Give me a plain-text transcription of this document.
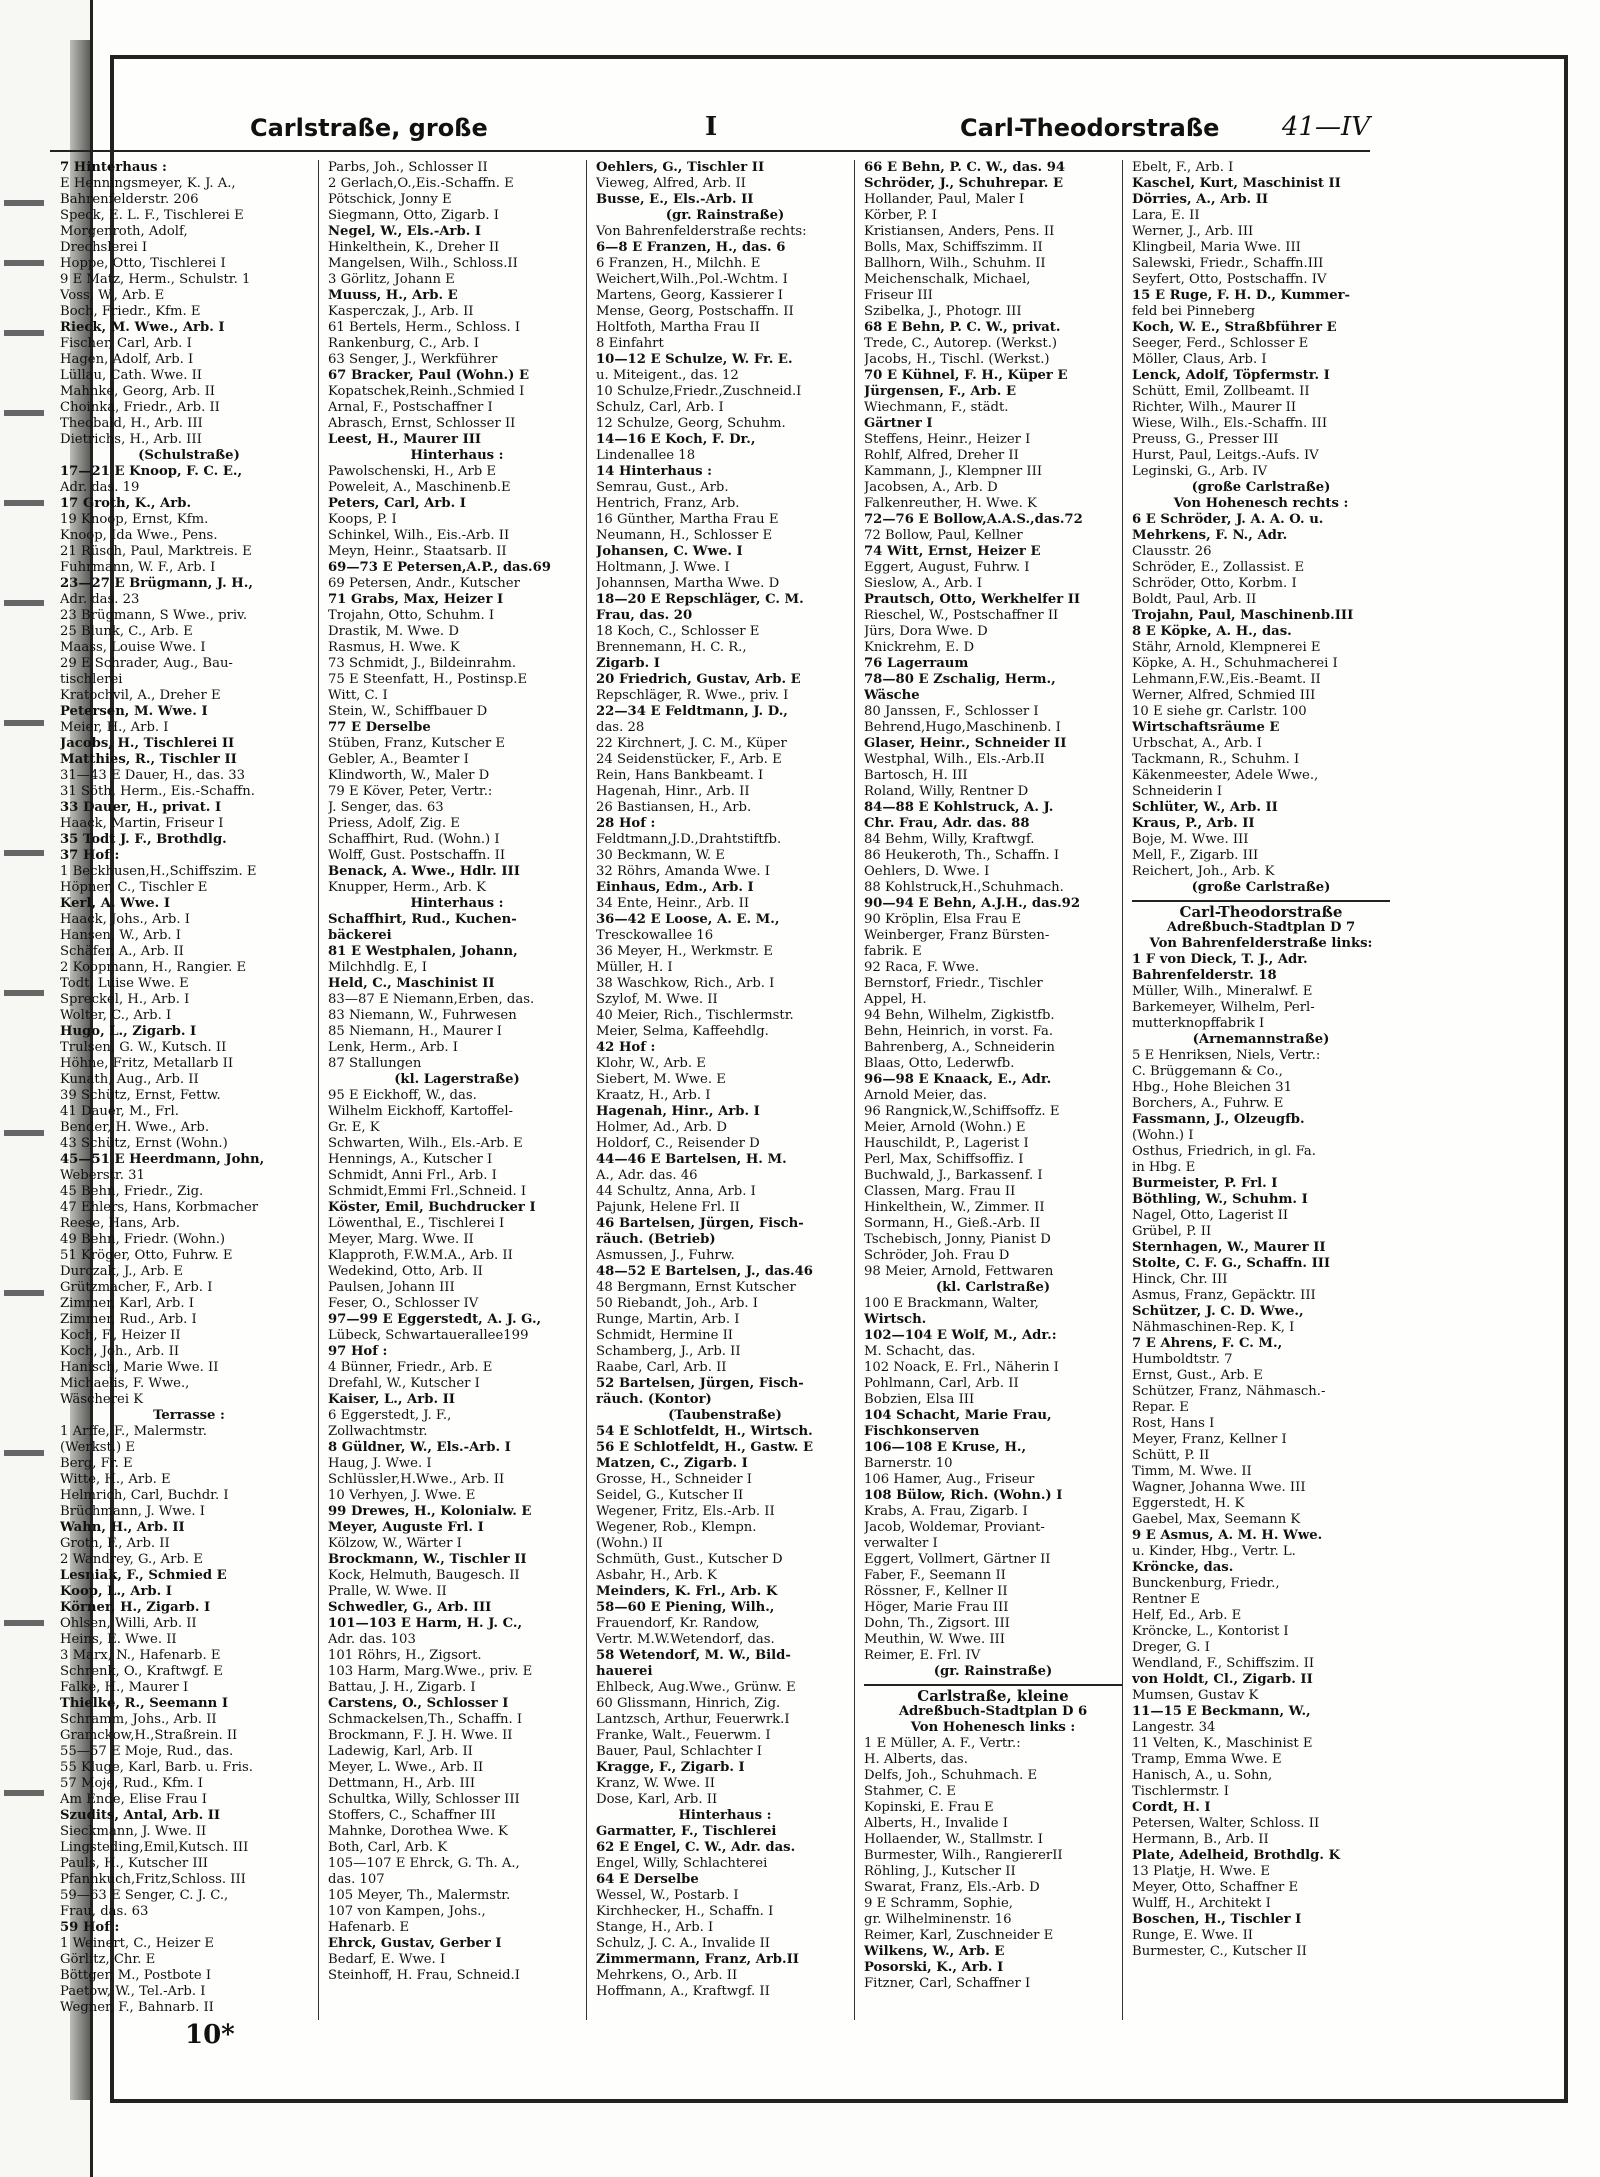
Carlstraße, große	I	Carl-Theodorstraße 41—IV
7 Hinterhaus :
E Henningsmeyer, K. J. A.,
Bahrenfelderstr. 206
Speck, E. L. F., Tischlerei E
Morgenroth, Adolf,
Drechslerei I
Hoppe, Otto, Tischlerei I
9 E Matz, Herm., Schulstr. 1
Voss, W., Arb. E
Boch, Friedr., Kfm. E
Rieck, M. Wwe., Arb. I
Fischer, Carl, Arb. I
Hagen, Adolf, Arb. I
Lüllau, Cath. Wwe. II
Mahnke, Georg, Arb. II
Choinka, Friedr., Arb. II
Theobald, H., Arb. III
Dietrichs, H., Arb. III
(Schulstraße)
17—21 E Knoop, F. C. E.,
Adr. das. 19
17 Groth, K., Arb.
19 Knoop, Ernst, Kfm.
Knoop, Ida Wwe., Pens.
21 Rüsch, Paul, Marktreis. E
Fuhrmann, W. F., Arb. I
23—27 E Brügmann, J. H.,
Adr. das. 23
23 Brügmann, S Wwe., priv.
25 Blunk, C., Arb. E
Maass, Louise Wwe. I
29 E Schrader, Aug., Bau-
tischlerei
Kratochvil, A., Dreher E
Petersen, M. Wwe. I
Meier, H., Arb. I
Jacobs, H., Tischlerei II
Matthies, R., Tischler II
31—43 E Dauer, H., das. 33
31 Söth, Herm., Eis.-Schaffn.
33 Dauer, H., privat. I
Haack, Martin, Friseur I
35 Todt J. F., Brothdlg.
37 Hof :
1 Beckhusen,H.,Schiffszim. E
Höpner, C., Tischler E
Kerl, A. Wwe. I
Haack, Johs., Arb. I
Hansen, W., Arb. I
Schäfer, A., Arb. II
2 Koopmann, H., Rangier. E
Todt, Luise Wwe. E
Spreckel, H., Arb. I
Wolter, C., Arb. I
Hugo, L., Zigarb. I
Trulsen, G. W., Kutsch. II
Höhne, Fritz, Metallarb II
Kunath, Aug., Arb. II
39 Schütz, Ernst, Fettw.
41 Dauer, M., Frl.
Bender, H. Wwe., Arb.
43 Schütz, Ernst (Wohn.)
45—51 E Heerdmann, John,
Weberstr. 31
45 Behn, Friedr., Zig.
47 Ehlers, Hans, Korbmacher
Reese, Hans, Arb.
49 Behn, Friedr. (Wohn.)
51 Kröger, Otto, Fuhrw. E
Durczak, J., Arb. E
Grützmacher, F., Arb. I
Zimmer, Karl, Arb. I
Zimmer, Rud., Arb. I
Koch, F., Heizer II
Koch, Joh., Arb. II
Hanisch, Marie Wwe. II
Michaelis, F. Wwe.,
Wäscherei K
Terrasse :
1 Arffe, F., Malermstr.
(Werkst.) E
Berg, Fr. E
Witte, H., Arb. E
Helmrich, Carl, Buchdr. I
Brüchmann, J. Wwe. I
Wahn, H., Arb. II
Groth, F., Arb. II
2 Wandrey, G., Arb. E
Lesniak, F., Schmied E
Koop, L., Arb. I
Körner, H., Zigarb. I
Ohlsen, Willi, Arb. II
Heins, E. Wwe. II
3 Marx, N., Hafenarb. E
Schrenk, O., Kraftwgf. E
Falke, H., Maurer I
Thielke, R., Seemann I
Schramm, Johs., Arb. II
Gramckow,H.,Straßrein. II
55—57 E Moje, Rud., das.
55 Kluge, Karl, Barb. u. Fris.
57 Moje, Rud., Kfm. I
Am Ende, Elise Frau I
Szudits, Antal, Arb. II
Sieckmann, J. Wwe. II
Lingsteding,Emil,Kutsch. III
Pauls, H., Kutscher III
Pfannkuch,Fritz,Schloss. III
59—63 E Senger, C. J. C.,
Frau, das. 63
59 Hof :
1 Weinert, C., Heizer E
Görlitz, Chr. E
Böttger, M., Postbote I
Paetow, W., Tel.-Arb. I
Wegner, F., Bahnarb. II
Parbs, Joh., Schlosser II
2 Gerlach,O.,Eis.-Schaffn. E
Pötschick, Jonny E
Siegmann, Otto, Zigarb. I
Negel, W., Els.-Arb. I
Hinkelthein, K., Dreher II
Mangelsen, Wilh., Schloss.II
3 Görlitz, Johann E
Muuss, H., Arb. E
Kasperczak, J., Arb. II
61 Bertels, Herm., Schloss. I
Rankenburg, C., Arb. I
63 Senger, J., Werkführer
67 Bracker, Paul (Wohn.) E
Kopatschek,Reinh.,Schmied I
Arnal, F., Postschaffner I
Abrasch, Ernst, Schlosser II
Leest, H., Maurer III
Hinterhaus :
Pawolschenski, H., Arb E
Poweleit, A., Maschinenb.E
Peters, Carl, Arb. I
Koops, P. I
Schinkel, Wilh., Eis.-Arb. II
Meyn, Heinr., Staatsarb. II
69—73 E Petersen,A.P., das.69
69 Petersen, Andr., Kutscher
71 Grabs, Max, Heizer I
Trojahn, Otto, Schuhm. I
Drastik, M. Wwe. D
Rasmus, H. Wwe. K
73 Schmidt, J., Bildeinrahm.
75 E Steenfatt, H., Postinsp.E
Witt, C. I
Stein, W., Schiffbauer D
77 E Derselbe
Stüben, Franz, Kutscher E
Gebler, A., Beamter I
Klindworth, W., Maler D
79 E Köver, Peter, Vertr.:
J. Senger, das. 63
Priess, Adolf, Zig. E
Schaffhirt, Rud. (Wohn.) I
Wolff, Gust. Postschaffn. II
Benack, A. Wwe., Hdlr. III
Knupper, Herm., Arb. K
Hinterhaus :
Schaffhirt, Rud., Kuchen-
bäckerei
81 E Westphalen, Johann,
Milchhdlg. E, I
Held, C., Maschinist II
83—87 E Niemann,Erben, das.
83 Niemann, W., Fuhrwesen
85 Niemann, H., Maurer I
Lenk, Herm., Arb. I
87 Stallungen
(kl. Lagerstraße)
95 E Eickhoff, W., das.
Wilhelm Eickhoff, Kartoffel-
Gr. E, K
Schwarten, Wilh., Els.-Arb. E
Hennings, A., Kutscher I
Schmidt, Anni Frl., Arb. I
Schmidt,Emmi Frl.,Schneid. I
Köster, Emil, Buchdrucker I
Löwenthal, E., Tischlerei I
Meyer, Marg. Wwe. II
Klapproth, F.W.M.A., Arb. II
Wedekind, Otto, Arb. II
Paulsen, Johann III
Feser, O., Schlosser IV
97—99 E Eggerstedt, A. J. G.,
Lübeck, Schwartauerallee199
97 Hof :
4 Bünner, Friedr., Arb. E
Drefahl, W., Kutscher I
Kaiser, L., Arb. II
6 Eggerstedt, J. F.,
Zollwachtmstr.
8 Güldner, W., Els.-Arb. I
Haug, J. Wwe. I
Schlüssler,H.Wwe., Arb. II
10 Verhyen, J. Wwe. E
99 Drewes, H., Kolonialw. E
Meyer, Auguste Frl. I
Kölzow, W., Wärter I
Brockmann, W., Tischler II
Kock, Helmuth, Baugesch. II
Pralle, W. Wwe. II
Schwedler, G., Arb. III
101—103 E Harm, H. J. C.,
Adr. das. 103
101 Röhrs, H., Zigsort.
103 Harm, Marg.Wwe., priv. E
Battau, J. H., Zigarb. I
Carstens, O., Schlosser I
Schmackelsen,Th., Schaffn. I
Brockmann, F. J. H. Wwe. II
Ladewig, Karl, Arb. II
Meyer, L. Wwe., Arb. II
Dettmann, H., Arb. III
Schultka, Willy, Schlosser III
Stoffers, C., Schaffner III
Mahnke, Dorothea Wwe. K
Both, Carl, Arb. K
105—107 E Ehrck, G. Th. A.,
das. 107
105 Meyer, Th., Malermstr.
107 von Kampen, Johs.,
Hafenarb. E
Ehrck, Gustav, Gerber I
Bedarf, E. Wwe. I
Steinhoff, H. Frau, Schneid.I
Oehlers, G., Tischler II
Vieweg, Alfred, Arb. II
Busse, E., Els.-Arb. II
(gr. Rainstraße)
Von Bahrenfelderstraße rechts:
6—8 E Franzen, H., das. 6
6 Franzen, H., Milchh. E
Weichert,Wilh.,Pol.-Wchtm. I
Martens, Georg, Kassierer I
Mense, Georg, Postschaffn. II
Holtfoth, Martha Frau II
8 Einfahrt
10—12 E Schulze, W. Fr. E.
u. Miteigent., das. 12
10 Schulze,Friedr.,Zuschneid.I
Schulz, Carl, Arb. I
12 Schulze, Georg, Schuhm.
14—16 E Koch, F. Dr.,
Lindenallee 18
14 Hinterhaus :
Semrau, Gust., Arb.
Hentrich, Franz, Arb.
16 Günther, Martha Frau E
Neumann, H., Schlosser E
Johansen, C. Wwe. I
Holtmann, J. Wwe. I
Johannsen, Martha Wwe. D
18—20 E Repschläger, C. M.
Frau, das. 20
18 Koch, C., Schlosser E
Brennemann, H. C. R.,
Zigarb. I
20 Friedrich, Gustav, Arb. E
Repschläger, R. Wwe., priv. I
22—34 E Feldtmann, J. D.,
das. 28
22 Kirchnert, J. C. M., Küper
24 Seidenstücker, F., Arb. E
Rein, Hans Bankbeamt. I
Hagenah, Hinr., Arb. II
26 Bastiansen, H., Arb.
28 Hof :
Feldtmann,J.D.,Drahtstiftfb.
30 Beckmann, W. E
32 Röhrs, Amanda Wwe. I
Einhaus, Edm., Arb. I
34 Ente, Heinr., Arb. II
36—42 E Loose, A. E. M.,
Tresckowallee 16
36 Meyer, H., Werkmstr. E
Müller, H. I
38 Waschkow, Rich., Arb. I
Szylof, M. Wwe. II
40 Meier, Rich., Tischlermstr.
Meier, Selma, Kaffeehdlg.
42 Hof :
Klohr, W., Arb. E
Siebert, M. Wwe. E
Kraatz, H., Arb. I
Hagenah, Hinr., Arb. I
Holmer, Ad., Arb. D
Holdorf, C., Reisender D
44—46 E Bartelsen, H. M.
A., Adr. das. 46
44 Schultz, Anna, Arb. I
Pajunk, Helene Frl. II
46 Bartelsen, Jürgen, Fisch-
räuch. (Betrieb)
Asmussen, J., Fuhrw.
48—52 E Bartelsen, J., das.46
48 Bergmann, Ernst Kutscher
50 Riebandt, Joh., Arb. I
Runge, Martin, Arb. I
Schmidt, Hermine II
Schamberg, J., Arb. II
Raabe, Carl, Arb. II
52 Bartelsen, Jürgen, Fisch-
räuch. (Kontor)
(Taubenstraße)
54 E Schlotfeldt, H., Wirtsch.
56 E Schlotfeldt, H., Gastw. E
Matzen, C., Zigarb. I
Grosse, H., Schneider I
Seidel, G., Kutscher II
Wegener, Fritz, Els.-Arb. II
Wegener, Rob., Klempn.
(Wohn.) II
Schmüth, Gust., Kutscher D
Asbahr, H., Arb. K
Meinders, K. Frl., Arb. K
58—60 E Piening, Wilh.,
Frauendorf, Kr. Randow,
Vertr. M.W.Wetendorf, das.
58 Wetendorf, M. W., Bild-
hauerei
Ehlbeck, Aug.Wwe., Grünw. E
60 Glissmann, Hinrich, Zig.
Lantzsch, Arthur, Feuerwrk.I
Franke, Walt., Feuerwm. I
Bauer, Paul, Schlachter I
Kragge, F., Zigarb. I
Kranz, W. Wwe. II
Dose, Karl, Arb. II
Hinterhaus :
Garmatter, F., Tischlerei
62 E Engel, C. W., Adr. das.
Engel, Willy, Schlachterei
64 E Derselbe
Wessel, W., Postarb. I
Kirchhecker, H., Schaffn. I
Stange, H., Arb. I
Schulz, J. C. A., Invalide II
Zimmermann, Franz, Arb.II
Mehrkens, O., Arb. II
Hoffmann, A., Kraftwgf. II
66 E Behn, P. C. W., das. 94
Schröder, J., Schuhrepar. E
Hollander, Paul, Maler I
Körber, P. I
Kristiansen, Anders, Pens. II
Bolls, Max, Schiffszimm. II
Ballhorn, Wilh., Schuhm. II
Meichenschalk, Michael,
Friseur III
Szibelka, J., Photogr. III
68 E Behn, P. C. W., privat.
Trede, C., Autorep. (Werkst.)
Jacobs, H., Tischl. (Werkst.)
70 E Kühnel, F. H., Küper E
Jürgensen, F., Arb. E
Wiechmann, F., städt.
Gärtner I
Steffens, Heinr., Heizer I
Rohlf, Alfred, Dreher II
Kammann, J., Klempner III
Jacobsen, A., Arb. D
Falkenreuther, H. Wwe. K
72—76 E Bollow,A.A.S.,das.72
72 Bollow, Paul, Kellner
74 Witt, Ernst, Heizer E
Eggert, August, Fuhrw. I
Sieslow, A., Arb. I
Prautsch, Otto, Werkhelfer II
Rieschel, W., Postschaffner II
Jürs, Dora Wwe. D
Knickrehm, E. D
76 Lagerraum
78—80 E Zschalig, Herm.,
Wäsche
80 Janssen, F., Schlosser I
Behrend,Hugo,Maschinenb. I
Glaser, Heinr., Schneider II
Westphal, Wilh., Els.-Arb.II
Bartosch, H. III
Roland, Willy, Rentner D
84—88 E Kohlstruck, A. J.
Chr. Frau, Adr. das. 88
84 Behm, Willy, Kraftwgf.
86 Heukeroth, Th., Schaffn. I
Oehlers, D. Wwe. I
88 Kohlstruck,H.,Schuhmach.
90—94 E Behn, A.J.H., das.92
90 Kröplin, Elsa Frau E
Weinberger, Franz Bürsten-
fabrik. E
92 Raca, F. Wwe.
Bernstorf, Friedr., Tischler
Appel, H.
94 Behn, Wilhelm, Zigkistfb.
Behn, Heinrich, in vorst. Fa.
Bahrenberg, A., Schneiderin
Blaas, Otto, Lederwfb.
96—98 E Knaack, E., Adr.
Arnold Meier, das.
96 Rangnick,W.,Schiffsoffz. E
Meier, Arnold (Wohn.) E
Hauschildt, P., Lagerist I
Perl, Max, Schiffsoffiz. I
Buchwald, J., Barkassenf. I
Classen, Marg. Frau II
Hinkelthein, W., Zimmer. II
Sormann, H., Gieß.-Arb. II
Tschebisch, Jonny, Pianist D
Schröder, Joh. Frau D
98 Meier, Arnold, Fettwaren
(kl. Carlstraße)
100 E Brackmann, Walter,
Wirtsch.
102—104 E Wolf, M., Adr.:
M. Schacht, das.
102 Noack, E. Frl., Näherin I
Pohlmann, Carl, Arb. II
Bobzien, Elsa III
104 Schacht, Marie Frau,
Fischkonserven
106—108 E Kruse, H.,
Barnerstr. 10
106 Hamer, Aug., Friseur
108 Bülow, Rich. (Wohn.) I
Krabs, A. Frau, Zigarb. I
Jacob, Woldemar, Proviant-
verwalter I
Eggert, Vollmert, Gärtner II
Faber, F., Seemann II
Rössner, F., Kellner II
Höger, Marie Frau III
Dohn, Th., Zigsort. III
Meuthin, W. Wwe. III
Reimer, E. Frl. IV
(gr. Rainstraße)
Carlstraße, kleine
Adreßbuch-Stadtplan D 6
Von Hohenesch links :
1 E Müller, A. F., Vertr.:
H. Alberts, das.
Delfs, Joh., Schuhmach. E
Stahmer, C. E
Kopinski, E. Frau E
Alberts, H., Invalide I
Hollaender, W., Stallmstr. I
Burmester, Wilh., RangiererII
Röhling, J., Kutscher II
Swarat, Franz, Els.-Arb. D
9 E Schramm, Sophie,
gr. Wilhelminenstr. 16
Reimer, Karl, Zuschneider E
Wilkens, W., Arb. E
Posorski, K., Arb. I
Fitzner, Carl, Schaffner I
Ebelt, F., Arb. I
Kaschel, Kurt, Maschinist II
Dörries, A., Arb. II
Lara, E. II
Werner, J., Arb. III
Klingbeil, Maria Wwe. III
Salewski, Friedr., Schaffn.III
Seyfert, Otto, Postschaffn. IV
15 E Ruge, F. H. D., Kummer-
feld bei Pinneberg
Koch, W. E., Straßbführer E
Seeger, Ferd., Schlosser E
Möller, Claus, Arb. I
Lenck, Adolf, Töpfermstr. I
Schütt, Emil, Zollbeamt. II
Richter, Wilh., Maurer II
Wiese, Wilh., Els.-Schaffn. III
Preuss, G., Presser III
Hurst, Paul, Leitgs.-Aufs. IV
Leginski, G., Arb. IV
(große Carlstraße)
Von Hohenesch rechts :
6 E Schröder, J. A. A. O. u.
Mehrkens, F. N., Adr.
Claus​str. 26
Schröder, E., Zollassist. E
Schröder, Otto, Korbm. I
Boldt, Paul, Arb. II
Trojahn, Paul, Maschinenb.III
8 E Köpke, A. H., das.
Stähr, Arnold, Klempnerei E
Köpke, A. H., Schuhmacherei I
Lehmann,F.W.,Eis.-Beamt. II
Werner, Alfred, Schmied III
10 E siehe gr. Carlstr. 100
Wirtschaftsräume E
Urbschat, A., Arb. I
Tackmann, R., Schuhm. I
Käkenmeester, Adele Wwe.,
Schneiderin I
Schlüter, W., Arb. II
Kraus, P., Arb. II
Boje, M. Wwe. III
Mell, F., Zigarb. III
Reichert, Joh., Arb. K
(große Carlstraße)
Carl-Theodorstraße
Adreßbuch-Stadtplan D 7
Von Bahrenfelderstraße links:
1 F von Dieck, T. J., Adr.
Bahrenfelderstr. 18
Müller, Wilh., Mineralwf. E
Barkemeyer, Wilhelm, Perl-
mutterknopffabrik I
(Arnemannstraße)
5 E Henriksen, Niels, Vertr.:
C. Brüggemann & Co.,
Hbg., Hohe Bleichen 31
Borchers, A., Fuhrw. E
Fassmann, J., Olzeugfb.
(Wohn.) I
Osthus, Friedrich, in gl. Fa.
in Hbg. E
Burmeister, P. Frl. I
Böthling, W., Schuhm. I
Nagel, Otto, Lagerist II
Grübel, P. II
Sternhagen, W., Maurer II
Stolte, C. F. G., Schaffn. III
Hinck, Chr. III
Asmus, Franz, Gepäcktr. III
Schützer, J. C. D. Wwe.,
Nähmaschinen-Rep. K, I
7 E Ahrens, F. C. M.,
Humboldtstr. 7
Ernst, Gust., Arb. E
Schützer, Franz, Nähmasch.-
Repar. E
Rost, Hans I
Meyer, Franz, Kellner I
Schütt, P. II
Timm, M. Wwe. II
Wagner, Johanna Wwe. III
Eggerstedt, H. K
Gaebel, Max, Seemann K
9 E Asmus, A. M. H. Wwe.
u. Kinder, Hbg., Vertr. L.
Kröncke, das.
Bunckenburg, Friedr.,
Rentner E
Helf, Ed., Arb. E
Kröncke, L., Kontorist I
Dreger, G. I
Wendland, F., Schiffszim. II
von Holdt, Cl., Zigarb. II
Mumsen, Gustav K
11—15 E Beckmann, W.,
Langestr. 34
11 Velten, K., Maschinist E
Tramp, Emma Wwe. E
Hanisch, A., u. Sohn,
Tischlermstr. I
Cordt, H. I
Petersen, Walter, Schloss. II
Hermann, B., Arb. II
Plate, Adelheid, Brothdlg. K
13 Platje, H. Wwe. E
Meyer, Otto, Schaffner E
Wulff, H., Architekt I
Boschen, H., Tischler I
Runge, E. Wwe. II
Burmester, C., Kutscher II
10*
